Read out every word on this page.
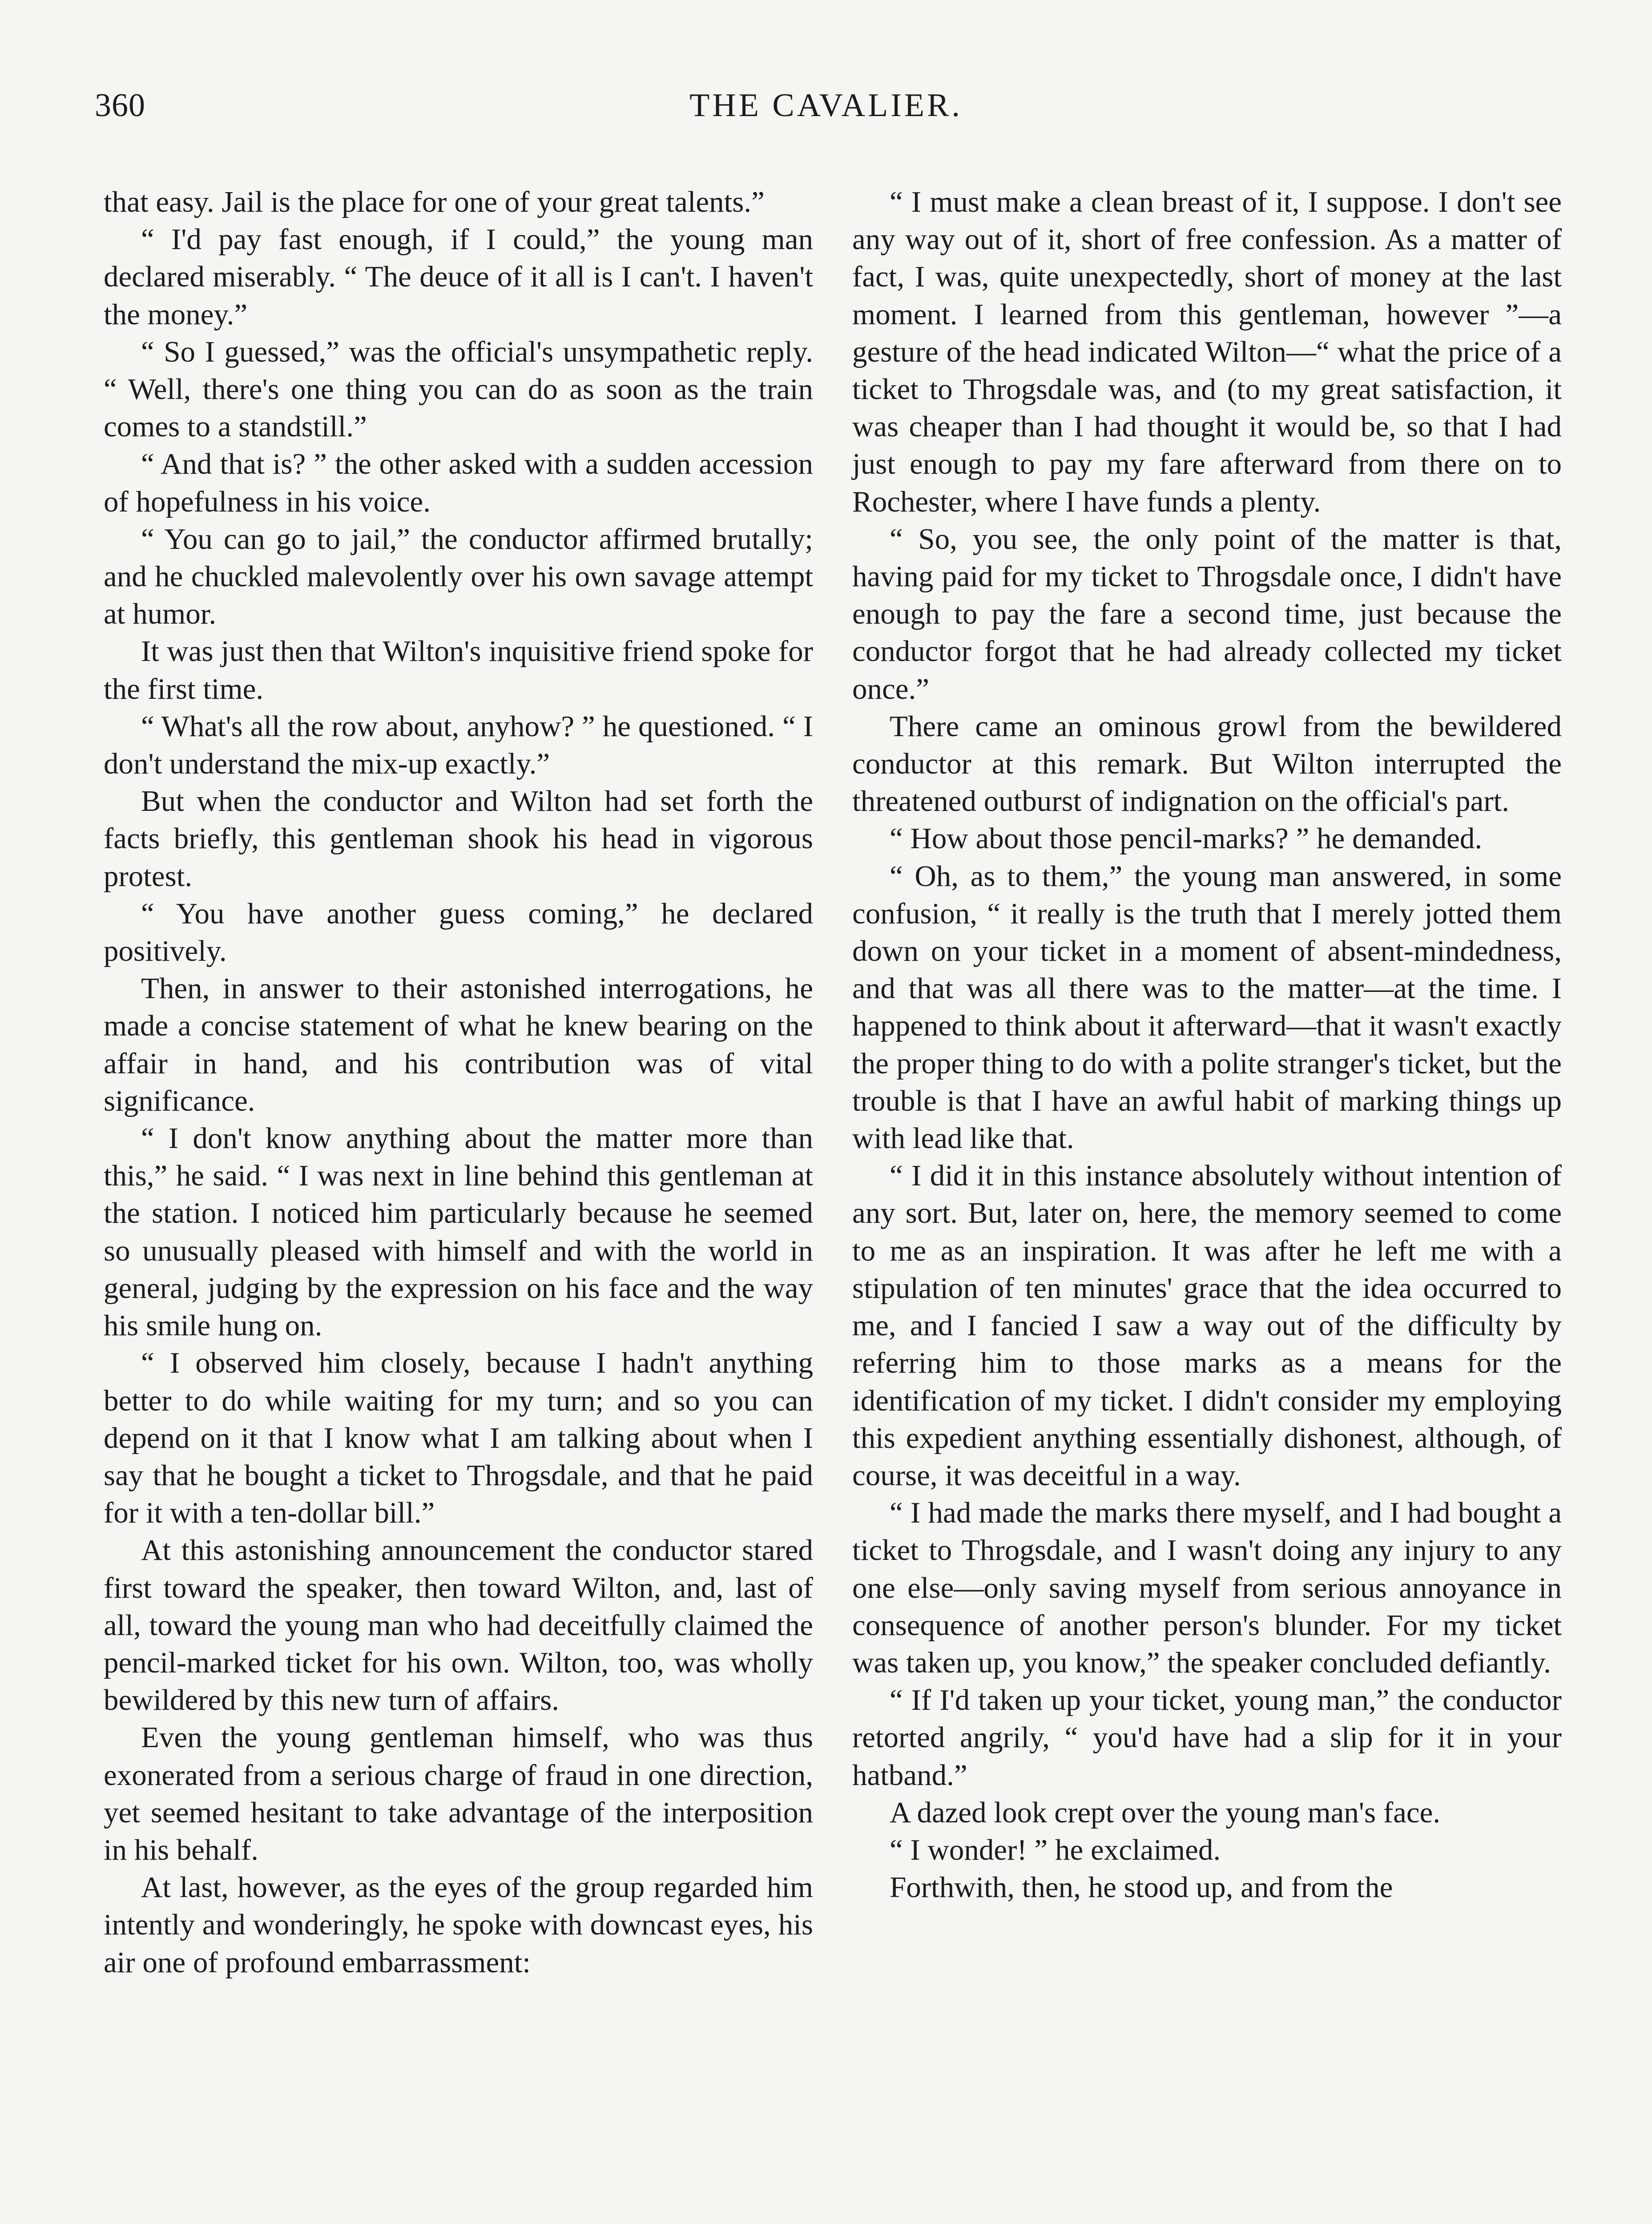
360	THE CAVALIER.

that easy. Jail is the place for one of your great talents.”

“ I'd pay fast enough, if I could,” the young man declared miserably. “ The deuce of it all is I can't. I haven't the money.”

“ So I guessed,” was the official's unsympathetic reply. “ Well, there's one thing you can do as soon as the train comes to a standstill.”

“ And that is? ” the other asked with a sudden accession of hopefulness in his voice.

“ You can go to jail,” the conductor affirmed brutally; and he chuckled malevolently over his own savage attempt at humor.

It was just then that Wilton's inquisitive friend spoke for the first time.

“ What's all the row about, anyhow? ” he questioned. “ I don't understand the mix-up exactly.”

But when the conductor and Wilton had set forth the facts briefly, this gentleman shook his head in vigorous protest.

“ You have another guess coming,” he declared positively.

Then, in answer to their astonished interrogations, he made a concise statement of what he knew bearing on the affair in hand, and his contribution was of vital significance.

“ I don't know anything about the matter more than this,” he said. “ I was next in line behind this gentleman at the station. I noticed him particularly because he seemed so unusually pleased with himself and with the world in general, judging by the expression on his face and the way his smile hung on.

“ I observed him closely, because I hadn't anything better to do while waiting for my turn; and so you can depend on it that I know what I am talking about when I say that he bought a ticket to Throgsdale, and that he paid for it with a ten-dollar bill.”

At this astonishing announcement the conductor stared first toward the speaker, then toward Wilton, and, last of all, toward the young man who had deceitfully claimed the pencil-marked ticket for his own. Wilton, too, was wholly bewildered by this new turn of affairs.

Even the young gentleman himself, who was thus exonerated from a serious charge of fraud in one direction, yet seemed hesitant to take advantage of the interposition in his behalf.

At last, however, as the eyes of the group regarded him intently and wonderingly, he spoke with downcast eyes, his air one of profound embarrassment:

“ I must make a clean breast of it, I suppose. I don't see any way out of it, short of free confession. As a matter of fact, I was, quite unexpectedly, short of money at the last moment. I learned from this gentleman, however ”—a gesture of the head indicated Wilton—“ what the price of a ticket to Throgsdale was, and (to my great satisfaction, it was cheaper than I had thought it would be, so that I had just enough to pay my fare afterward from there on to Rochester, where I have funds a plenty.

“ So, you see, the only point of the matter is that, having paid for my ticket to Throgsdale once, I didn't have enough to pay the fare a second time, just because the conductor forgot that he had already collected my ticket once.”

There came an ominous growl from the bewildered conductor at this remark. But Wilton interrupted the threatened outburst of indignation on the official's part.

“ How about those pencil-marks? ” he demanded.

“ Oh, as to them,” the young man answered, in some confusion, “ it really is the truth that I merely jotted them down on your ticket in a moment of absent-mindedness, and that was all there was to the matter—at the time. I happened to think about it afterward—that it wasn't exactly the proper thing to do with a polite stranger's ticket, but the trouble is that I have an awful habit of marking things up with lead like that.

“ I did it in this instance absolutely without intention of any sort. But, later on, here, the memory seemed to come to me as an inspiration. It was after he left me with a stipulation of ten minutes' grace that the idea occurred to me, and I fancied I saw a way out of the difficulty by referring him to those marks as a means for the identification of my ticket. I didn't consider my employing this expedient anything essentially dishonest, although, of course, it was deceitful in a way.

“ I had made the marks there myself, and I had bought a ticket to Throgsdale, and I wasn't doing any injury to any one else—only saving myself from serious annoyance in consequence of another person's blunder. For my ticket was taken up, you know,” the speaker concluded defiantly.

“ If I'd taken up your ticket, young man,” the conductor retorted angrily, “ you'd have had a slip for it in your hatband.”

A dazed look crept over the young man's face.

“ I wonder! ” he exclaimed.

Forthwith, then, he stood up, and from the
